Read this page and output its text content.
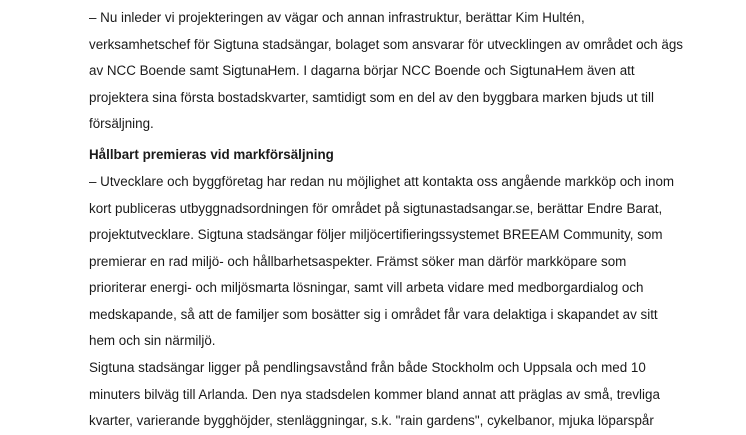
– Nu inleder vi projekteringen av vägar och annan infrastruktur, berättar Kim Hultén,
verksamhetschef för Sigtuna stadsängar, bolaget som ansvarar för utvecklingen av området och ägs
av NCC Boende samt SigtunaHem. I dagarna börjar NCC Boende och SigtunaHem även att
projektera sina första bostadskvarter, samtidigt som en del av den byggbara marken bjuds ut till
försäljning.

Hållbart premieras vid markförsäljning

– Utvecklare och byggföretag har redan nu möjlighet att kontakta oss angående markköp och inom
kort publiceras utbyggnadsordningen för området på sigtunastadsangar.se, berättar Endre Barat,
projektutvecklare. Sigtuna stadsängar följer miljöcertifieringssystemet BREEAM Community, som
premierar en rad miljö- och hållbarhetsaspekter. Främst söker man därför markköpare som
prioriterar energi- och miljösmarta lösningar, samt vill arbeta vidare med medborgardialog och
medskapande, så att de familjer som bosätter sig i området får vara delaktiga i skapandet av sitt
hem och sin närmiljö.

Sigtuna stadsängar ligger på pendlingsavstånd från både Stockholm och Uppsala och med 10
minuters bilväg till Arlanda. Den nya stadsdelen kommer bland annat att präglas av små, trevliga
kvarter, varierande bygghöjder, stenläggningar, s.k. "rain gardens", cykelbanor, mjuka löparspår
